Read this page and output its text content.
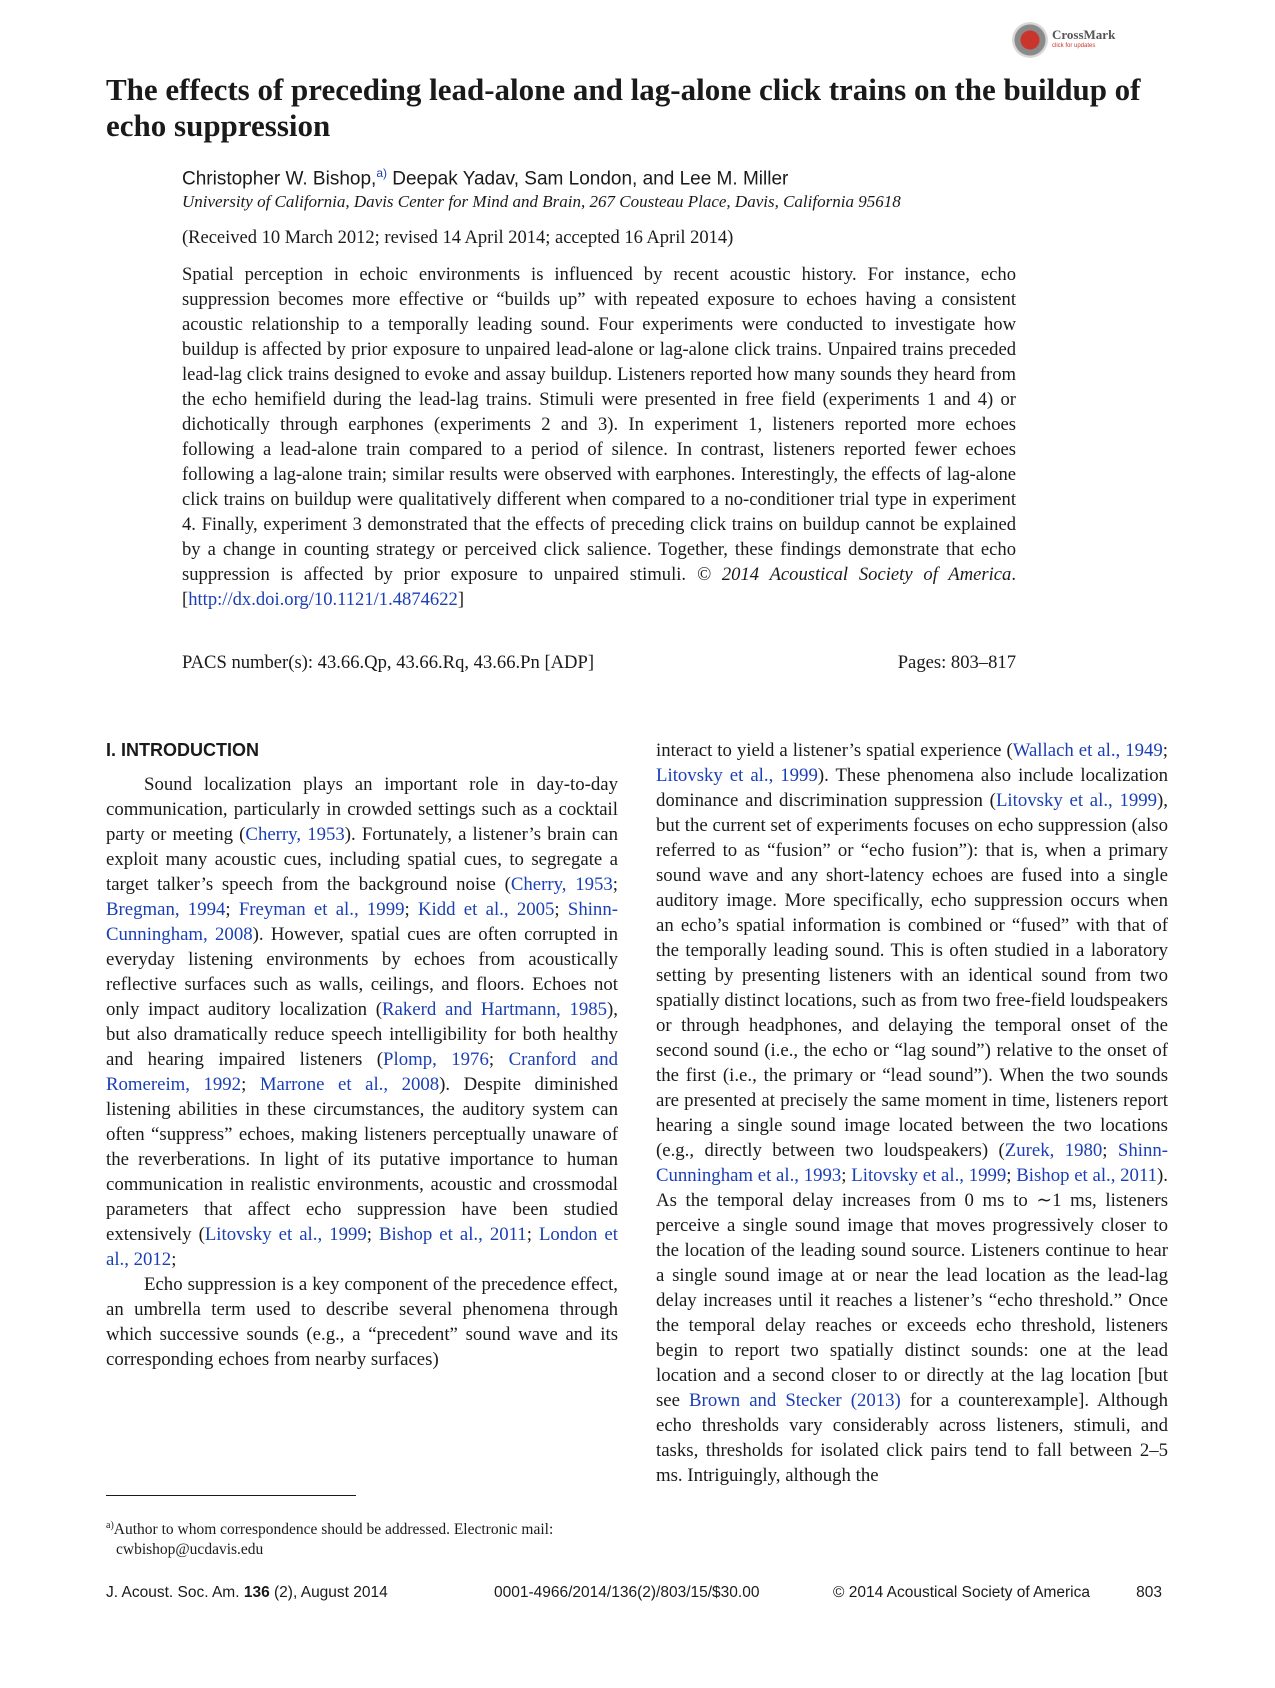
CrossMark
click for updates
The effects of preceding lead-alone and lag-alone click trains on the buildup of echo suppression
Christopher W. Bishop,$^{a)}$ Deepak Yadav, Sam London, and Lee M. Miller
University of California, Davis Center for Mind and Brain, 267 Cousteau Place, Davis, California 95618
(Received 10 March 2012; revised 14 April 2014; accepted 16 April 2014)

Spatial perception in echoic environments is influenced by recent acoustic history. For instance, echo suppression becomes more effective or “builds up” with repeated exposure to echoes having a consistent acoustic relationship to a temporally leading sound. Four experiments were conducted to investigate how buildup is affected by prior exposure to unpaired lead-alone or lag-alone click trains. Unpaired trains preceded lead-lag click trains designed to evoke and assay buildup. Listeners reported how many sounds they heard from the echo hemifield during the lead-lag trains. Stimuli were presented in free field (experiments 1 and 4) or dichotically through earphones (experiments 2 and 3). In experiment 1, listeners reported more echoes following a lead-alone train compared to a period of silence. In contrast, listeners reported fewer echoes following a lag-alone train; similar results were observed with earphones. Interestingly, the effects of lag-alone click trains on buildup were qualitatively different when compared to a no-conditioner trial type in experiment 4. Finally, experiment 3 demonstrated that the effects of preceding click trains on buildup cannot be explained by a change in counting strategy or perceived click salience. Together, these findings demonstrate that echo suppression is affected by prior exposure to unpaired stimuli. © 2014 Acoustical Society of America. [http://dx.doi.org/10.1121/1.4874622]

PACS number(s): 43.66.Qp, 43.66.Rq, 43.66.Pn [ADP]	Pages: 803–817
I. INTRODUCTION

Sound localization plays an important role in day-to-day communication, particularly in crowded settings such as a cocktail party or meeting (Cherry, 1953). Fortunately, a listener’s brain can exploit many acoustic cues, including spatial cues, to segregate a target talker’s speech from the background noise (Cherry, 1953; Bregman, 1994; Freyman et al., 1999; Kidd et al., 2005; Shinn-Cunningham, 2008). However, spatial cues are often corrupted in everyday listening environments by echoes from acoustically reflective surfaces such as walls, ceilings, and floors. Echoes not only impact auditory localization (Rakerd and Hartmann, 1985), but also dramatically reduce speech intelligibility for both healthy and hearing impaired listeners (Plomp, 1976; Cranford and Romereim, 1992; Marrone et al., 2008). Despite diminished listening abilities in these circumstances, the auditory system can often “suppress” echoes, making listeners perceptually unaware of the reverberations. In light of its putative importance to human communication in realistic environments, acoustic and crossmodal parameters that affect echo suppression have been studied extensively (Litovsky et al., 1999; Bishop et al., 2011; London et al., 2012;

Echo suppression is a key component of the precedence effect, an umbrella term used to describe several phenomena through which successive sounds (e.g., a “precedent” sound wave and its corresponding echoes from nearby surfaces)

interact to yield a listener’s spatial experience (Wallach et al., 1949; Litovsky et al., 1999). These phenomena also include localization dominance and discrimination suppression (Litovsky et al., 1999), but the current set of experiments focuses on echo suppression (also referred to as “fusion” or “echo fusion”): that is, when a primary sound wave and any short-latency echoes are fused into a single auditory image. More specifically, echo suppression occurs when an echo’s spatial information is combined or “fused” with that of the temporally leading sound. This is often studied in a laboratory setting by presenting listeners with an identical sound from two spatially distinct locations, such as from two free-field loudspeakers or through headphones, and delaying the temporal onset of the second sound (i.e., the echo or “lag sound”) relative to the onset of the first (i.e., the primary or “lead sound”). When the two sounds are presented at precisely the same moment in time, listeners report hearing a single sound image located between the two locations (e.g., directly between two loudspeakers) (Zurek, 1980; Shinn-Cunningham et al., 1993; Litovsky et al., 1999; Bishop et al., 2011). As the temporal delay increases from 0 ms to ∼1 ms, listeners perceive a single sound image that moves progressively closer to the location of the leading sound source. Listeners continue to hear a single sound image at or near the lead location as the lead-lag delay increases until it reaches a listener’s “echo threshold.” Once the temporal delay reaches or exceeds echo threshold, listeners begin to report two spatially distinct sounds: one at the lead location and a second closer to or directly at the lag location [but see Brown and Stecker (2013) for a counterexample]. Although echo thresholds vary considerably across listeners, stimuli, and tasks, thresholds for isolated click pairs tend to fall between 2–5 ms. Intriguingly, although the

$^{a)}$Author to whom correspondence should be addressed. Electronic mail:
cwbishop@ucdavis.edu
J. Acoust. Soc. Am. 136 (2), August 2014	0001-4966/2014/136(2)/803/15/$30.00	© 2014 Acoustical Society of America	803
